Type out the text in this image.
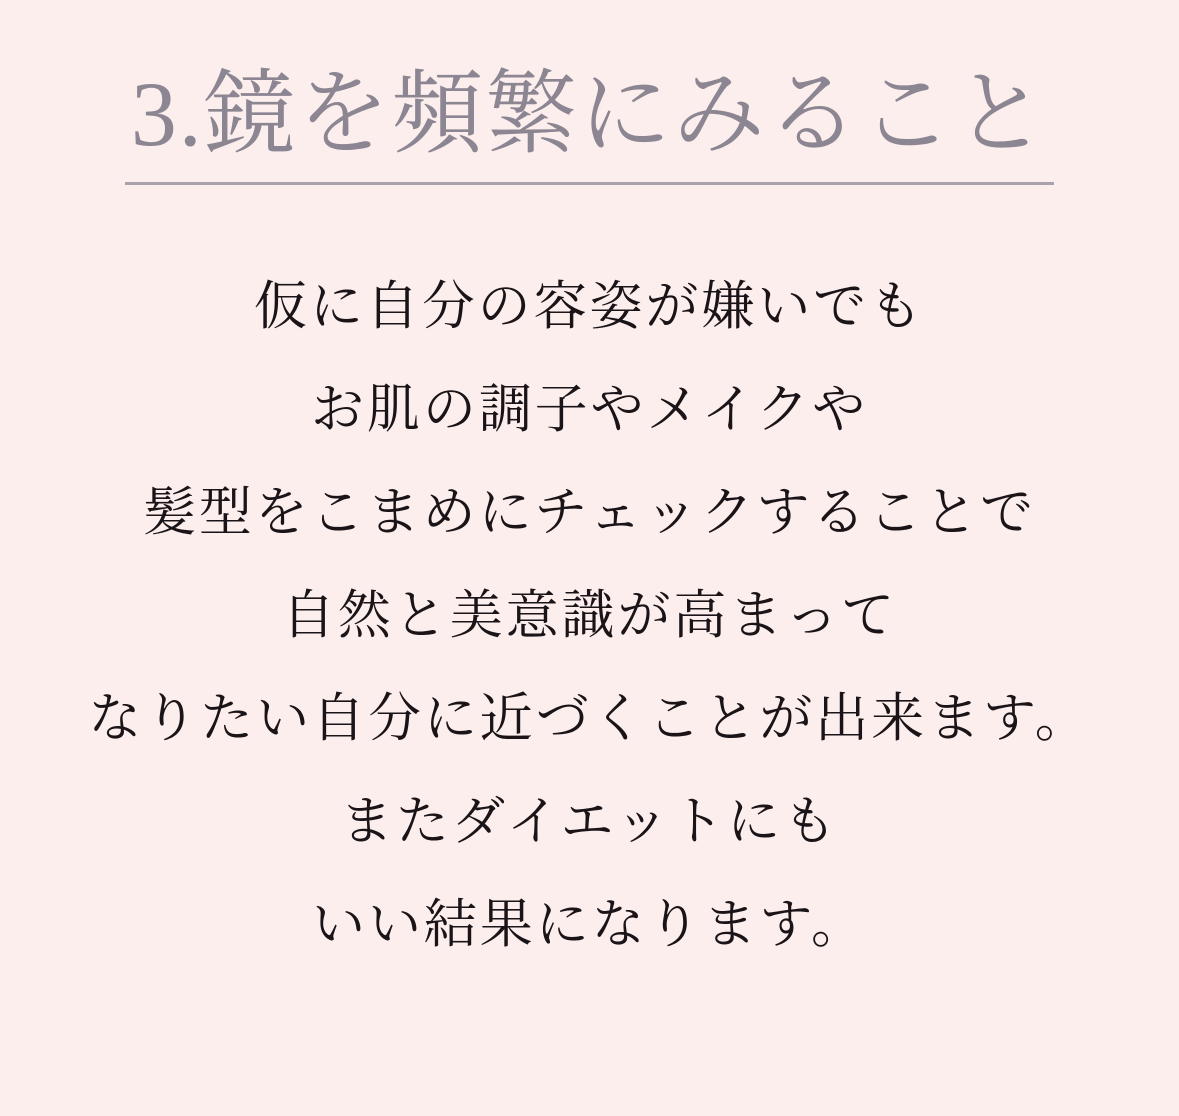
3.鏡を頻繁にみること
仮に自分の容姿が嫌いでも
お肌の調子やメイクや
髪型をこまめにチェックすることで
自然と美意識が高まって
なりたい自分に近づくことが出来ます。
またダイエットにも
いい結果になります。
